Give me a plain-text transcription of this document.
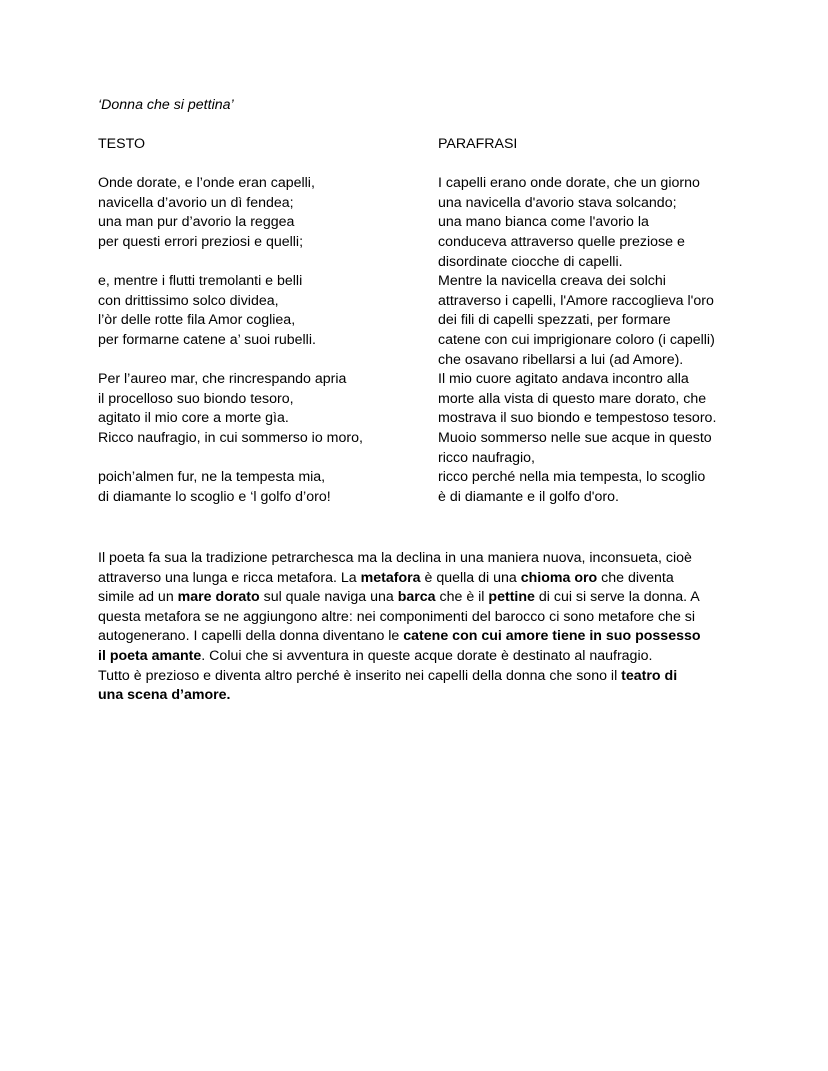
‘Donna che si pettina’
TESTO
Onde dorate, e l’onde eran capelli,
navicella d’avorio un dì fendea;
una man pur d’avorio la reggea
per questi errori preziosi e quelli;
e, mentre i flutti tremolanti e belli
con drittissimo solco dividea,
l’òr delle rotte fila Amor cogliea,
per formarne catene a’ suoi rubelli.
Per l’aureo mar, che rincrespando apria
il procelloso suo biondo tesoro,
agitato il mio core a morte gìa.
Ricco naufragio, in cui sommerso io moro,
poich’almen fur, ne la tempesta mia,
di diamante lo scoglio e ‘l golfo d’oro!
PARAFRASI
I capelli erano onde dorate, che un giorno
una navicella d'avorio stava solcando;
una mano bianca come l'avorio la
conduceva attraverso quelle preziose e
disordinate ciocche di capelli.
Mentre la navicella creava dei solchi
attraverso i capelli, l'Amore raccoglieva l'oro
dei fili di capelli spezzati, per formare
catene con cui imprigionare coloro (i capelli)
che osavano ribellarsi a lui (ad Amore).
Il mio cuore agitato andava incontro alla
morte alla vista di questo mare dorato, che
mostrava il suo biondo e tempestoso tesoro.
Muoio sommerso nelle sue acque in questo
ricco naufragio,
ricco perché nella mia tempesta, lo scoglio
è di diamante e il golfo d'oro.
Il poeta fa sua la tradizione petrarchesca ma la declina in una maniera nuova, inconsueta, cioè
attraverso una lunga e ricca metafora. La metafora è quella di una chioma oro che diventa
simile ad un mare dorato sul quale naviga una barca che è il pettine di cui si serve la donna. A
questa metafora se ne aggiungono altre: nei componimenti del barocco ci sono metafore che si
autogenerano. I capelli della donna diventano le catene con cui amore tiene in suo possesso
il poeta amante. Colui che si avventura in queste acque dorate è destinato al naufragio.
Tutto è prezioso e diventa altro perché è inserito nei capelli della donna che sono il teatro di
una scena d’amore.
